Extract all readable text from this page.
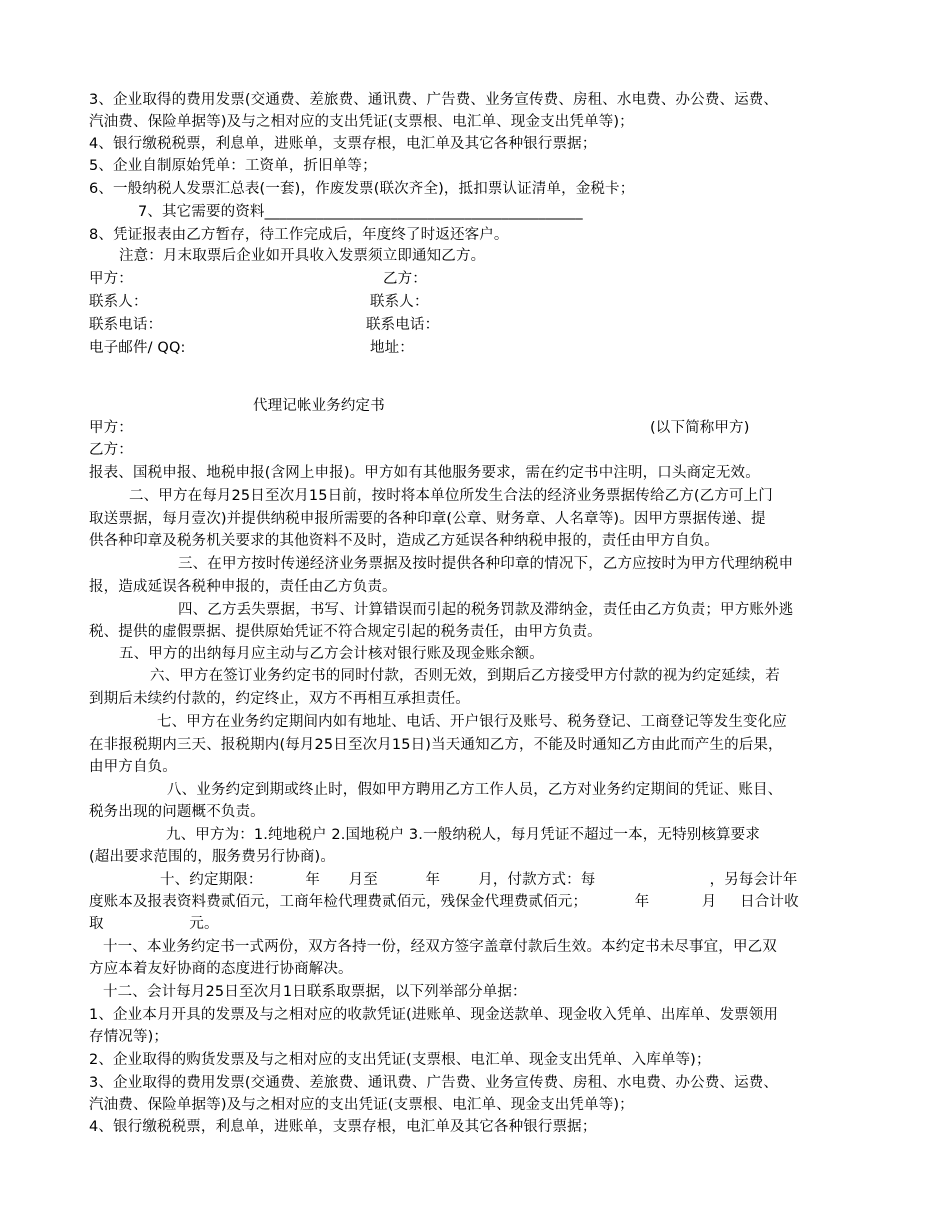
3、企业取得的费用发票(交通费、差旅费、通讯费、广告费、业务宣传费、房租、水电费、办公费、运费、
汽油费、保险单据等)及与之相对应的支出凭证(支票根、电汇单、现金支出凭单等)；
4、银行缴税税票，利息单，进账单，支票存根，电汇单及其它各种银行票据；
5、企业自制原始凭单：工资单，折旧单等；
6、一般纳税人发票汇总表(一套)，作废发票(联次齐全)，抵扣票认证清单，金税卡；
7、其它需要的资料___________________________________________
8、凭证报表由乙方暂存，待工作完成后，年度终了时返还客户。
注意：月末取票后企业如开具收入发票须立即通知乙方。
甲方：	乙方：
联系人：	联系人：
联系电话：	联系电话：
电子邮件/ QQ:	地址：
代理记帐业务约定书
甲方：	(以下简称甲方)
乙方：
报表、国税申报、地税申报(含网上申报)。甲方如有其他服务要求，需在约定书中注明，口头商定无效。
二、甲方在每月25日至次月15日前，按时将本单位所发生合法的经济业务票据传给乙方(乙方可上门
取送票据，每月壹次)并提供纳税申报所需要的各种印章(公章、财务章、人名章等)。因甲方票据传递、提
供各种印章及税务机关要求的其他资料不及时，造成乙方延误各种纳税申报的，责任由甲方自负。
三、在甲方按时传递经济业务票据及按时提供各种印章的情况下，乙方应按时为甲方代理纳税申
报，造成延误各税种申报的，责任由乙方负责。
四、乙方丢失票据，书写、计算错误而引起的税务罚款及滞纳金，责任由乙方负责；甲方账外逃
税、提供的虚假票据、提供原始凭证不符合规定引起的税务责任，由甲方负责。
五、甲方的出纳每月应主动与乙方会计核对银行账及现金账余额。
六、甲方在签订业务约定书的同时付款，否则无效，到期后乙方接受甲方付款的视为约定延续，若
到期后未续约付款的，约定终止，双方不再相互承担责任。
七、甲方在业务约定期间内如有地址、电话、开户银行及账号、税务登记、工商登记等发生变化应
在非报税期内三天、报税期内(每月25日至次月15日)当天通知乙方，不能及时通知乙方由此而产生的后果，
由甲方自负。
八、业务约定到期或终止时，假如甲方聘用乙方工作人员，乙方对业务约定期间的凭证、账目、
税务出现的问题概不负责。
九、甲方为：1.纯地税户 2.国地税户 3.一般纳税人，每月凭证不超过一本，无特别核算要求
(超出要求范围的，服务费另行协商)。
十、约定期限：         年      月至          年        月，付款方式：每                        ，另每会计年
度账本及报表资料费贰佰元，工商年检代理费贰佰元，残保金代理费贰佰元；          年           月     日合计收
取                  元。
十一、本业务约定书一式两份，双方各持一份，经双方签字盖章付款后生效。本约定书未尽事宜，甲乙双
方应本着友好协商的态度进行协商解决。
十二、会计每月25日至次月1日联系取票据，以下列举部分单据：
1、企业本月开具的发票及与之相对应的收款凭证(进账单、现金送款单、现金收入凭单、出库单、发票领用
存情况等)；
2、企业取得的购货发票及与之相对应的支出凭证(支票根、电汇单、现金支出凭单、入库单等)；
3、企业取得的费用发票(交通费、差旅费、通讯费、广告费、业务宣传费、房租、水电费、办公费、运费、
汽油费、保险单据等)及与之相对应的支出凭证(支票根、电汇单、现金支出凭单等)；
4、银行缴税税票，利息单，进账单，支票存根，电汇单及其它各种银行票据；
